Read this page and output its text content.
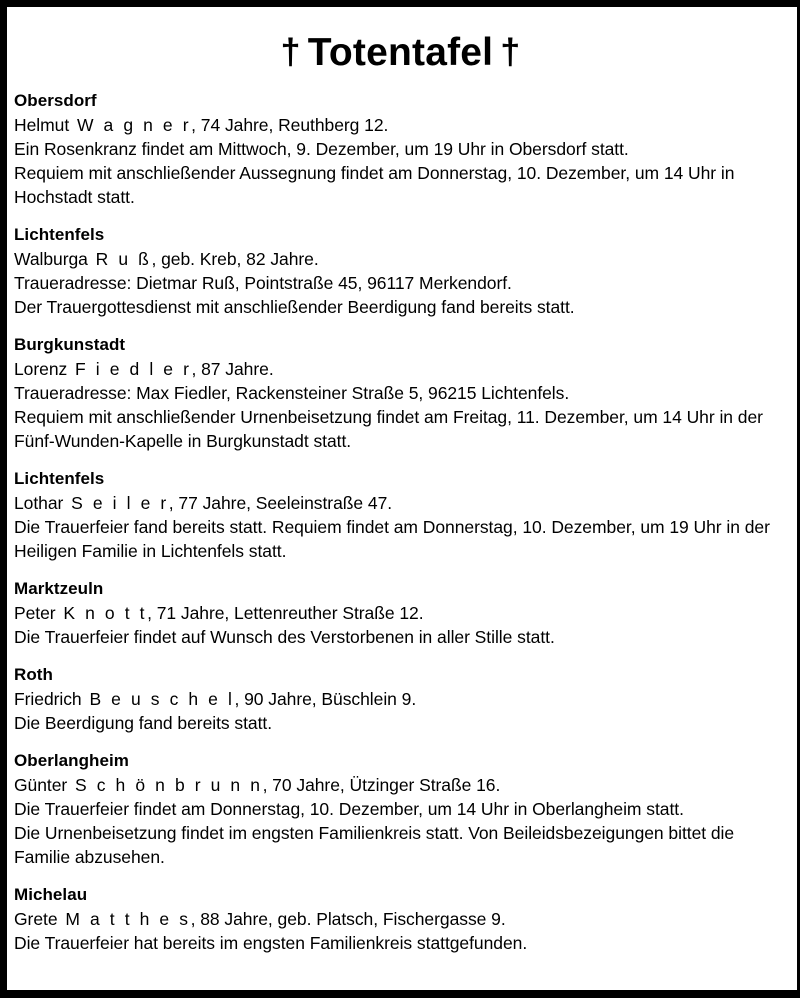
† Totentafel †
Obersdorf
Helmut W a g n e r, 74 Jahre, Reuthberg 12.
Ein Rosenkranz findet am Mittwoch, 9. Dezember, um 19 Uhr in Obersdorf statt.
Requiem mit anschließender Aussegnung findet am Donnerstag, 10. Dezember, um 14 Uhr in Hochstadt statt.
Lichtenfels
Walburga R u ß, geb. Kreb, 82 Jahre.
Traueradresse: Dietmar Ruß, Pointstraße 45, 96117 Merkendorf.
Der Trauergottesdienst mit anschließender Beerdigung fand bereits statt.
Burgkunstadt
Lorenz F i e d l e r, 87 Jahre.
Traueradresse: Max Fiedler, Rackensteiner Straße 5, 96215 Lichtenfels.
Requiem mit anschließender Urnenbeisetzung findet am Freitag, 11. Dezember, um 14 Uhr in der Fünf-Wunden-Kapelle in Burgkunstadt statt.
Lichtenfels
Lothar S e i l e r, 77 Jahre, Seeleinstraße 47.
Die Trauerfeier fand bereits statt. Requiem findet am Donnerstag, 10. Dezember, um 19 Uhr in der Heiligen Familie in Lichtenfels statt.
Marktzeuln
Peter K n o t t, 71 Jahre, Lettenreuther Straße 12.
Die Trauerfeier findet auf Wunsch des Verstorbenen in aller Stille statt.
Roth
Friedrich B e u s c h e l, 90 Jahre, Büschlein 9.
Die Beerdigung fand bereits statt.
Oberlangheim
Günter S c h ö n b r u n n, 70 Jahre, Ützinger Straße 16.
Die Trauerfeier findet am Donnerstag, 10. Dezember, um 14 Uhr in Oberlangheim statt.
Die Urnenbeisetzung findet im engsten Familienkreis statt. Von Beileidsbezeigungen bittet die Familie abzusehen.
Michelau
Grete M a t t h e s, 88 Jahre, geb. Platsch, Fischergasse 9.
Die Trauerfeier hat bereits im engsten Familienkreis stattgefunden.
